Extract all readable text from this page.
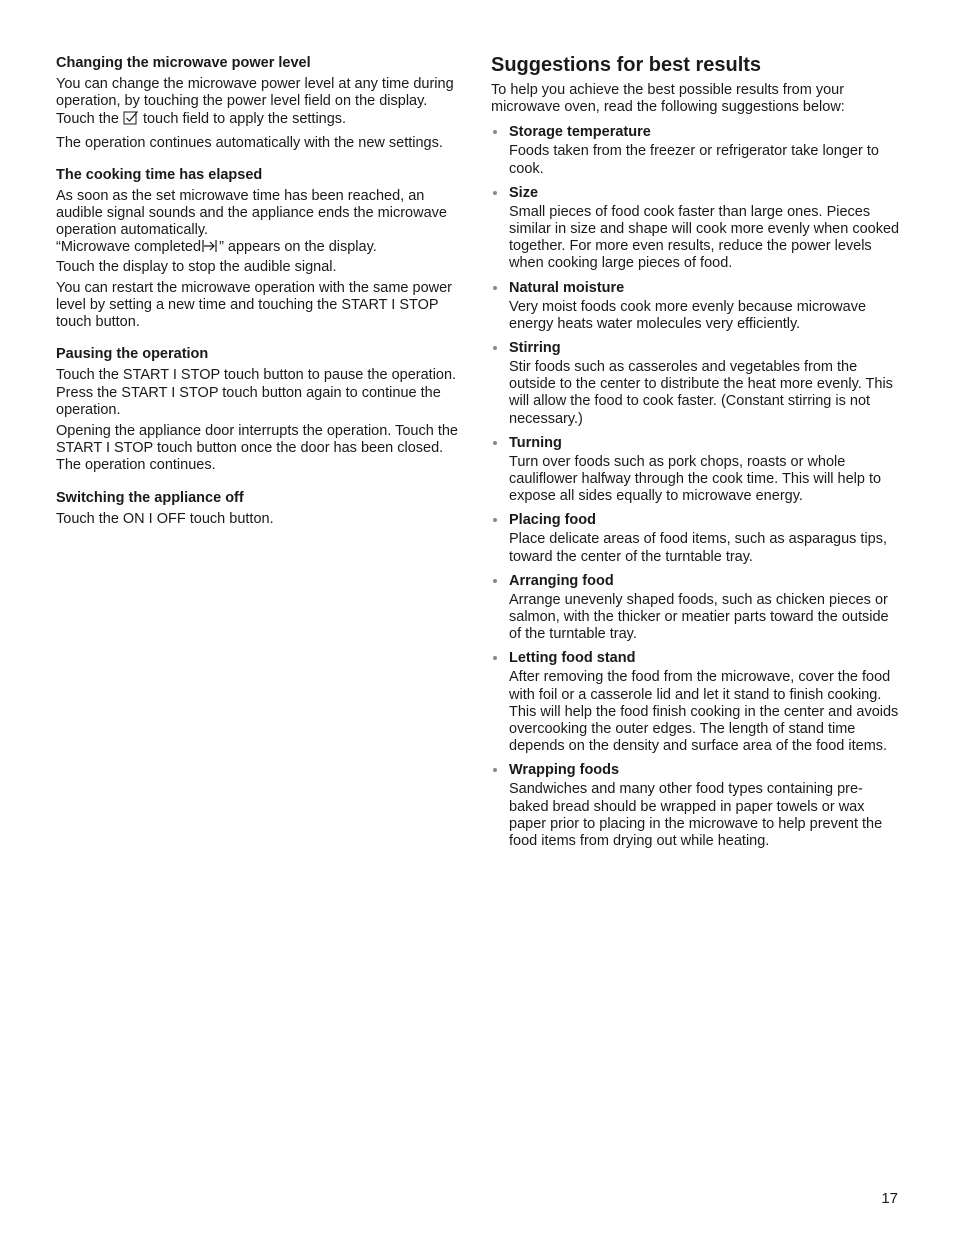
Changing the microwave power level
You can change the microwave power level at any time during operation, by touching the power level field on the display. Touch the touch field to apply the settings.
The operation continues automatically with the new settings.
The cooking time has elapsed
As soon as the set microwave time has been reached, an audible signal sounds and the appliance ends the microwave operation automatically.
“Microwave completed ” appears on the display.
Touch the display to stop the audible signal.
You can restart the microwave operation with the same power level by setting a new time and touching the START I STOP touch button.
Pausing the operation
Touch the START I STOP touch button to pause the operation. Press the START I STOP touch button again to continue the operation.
Opening the appliance door interrupts the operation. Touch the START I STOP touch button once the door has been closed. The operation continues.
Switching the appliance off
Touch the ON I OFF touch button.
Suggestions for best results
To help you achieve the best possible results from your microwave oven, read the following suggestions below:
Storage temperature
Foods taken from the freezer or refrigerator take longer to cook.
Size
Small pieces of food cook faster than large ones. Pieces similar in size and shape will cook more evenly when cooked together. For more even results, reduce the power levels when cooking large pieces of food.
Natural moisture
Very moist foods cook more evenly because microwave energy heats water molecules very efficiently.
Stirring
Stir foods such as casseroles and vegetables from the outside to the center to distribute the heat more evenly. This will allow the food to cook faster. (Constant stirring is not necessary.)
Turning
Turn over foods such as pork chops, roasts or whole cauliflower halfway through the cook time. This will help to expose all sides equally to microwave energy.
Placing food
Place delicate areas of food items, such as asparagus tips, toward the center of the turntable tray.
Arranging food
Arrange unevenly shaped foods, such as chicken pieces or salmon, with the thicker or meatier parts toward the outside of the turntable tray.
Letting food stand
After removing the food from the microwave, cover the food with foil or a casserole lid and let it stand to finish cooking. This will help the food finish cooking in the center and avoids overcooking the outer edges. The length of stand time depends on the density and surface area of the food items.
Wrapping foods
Sandwiches and many other food types containing pre-baked bread should be wrapped in paper towels or wax paper prior to placing in the microwave to help prevent the food items from drying out while heating.
17
